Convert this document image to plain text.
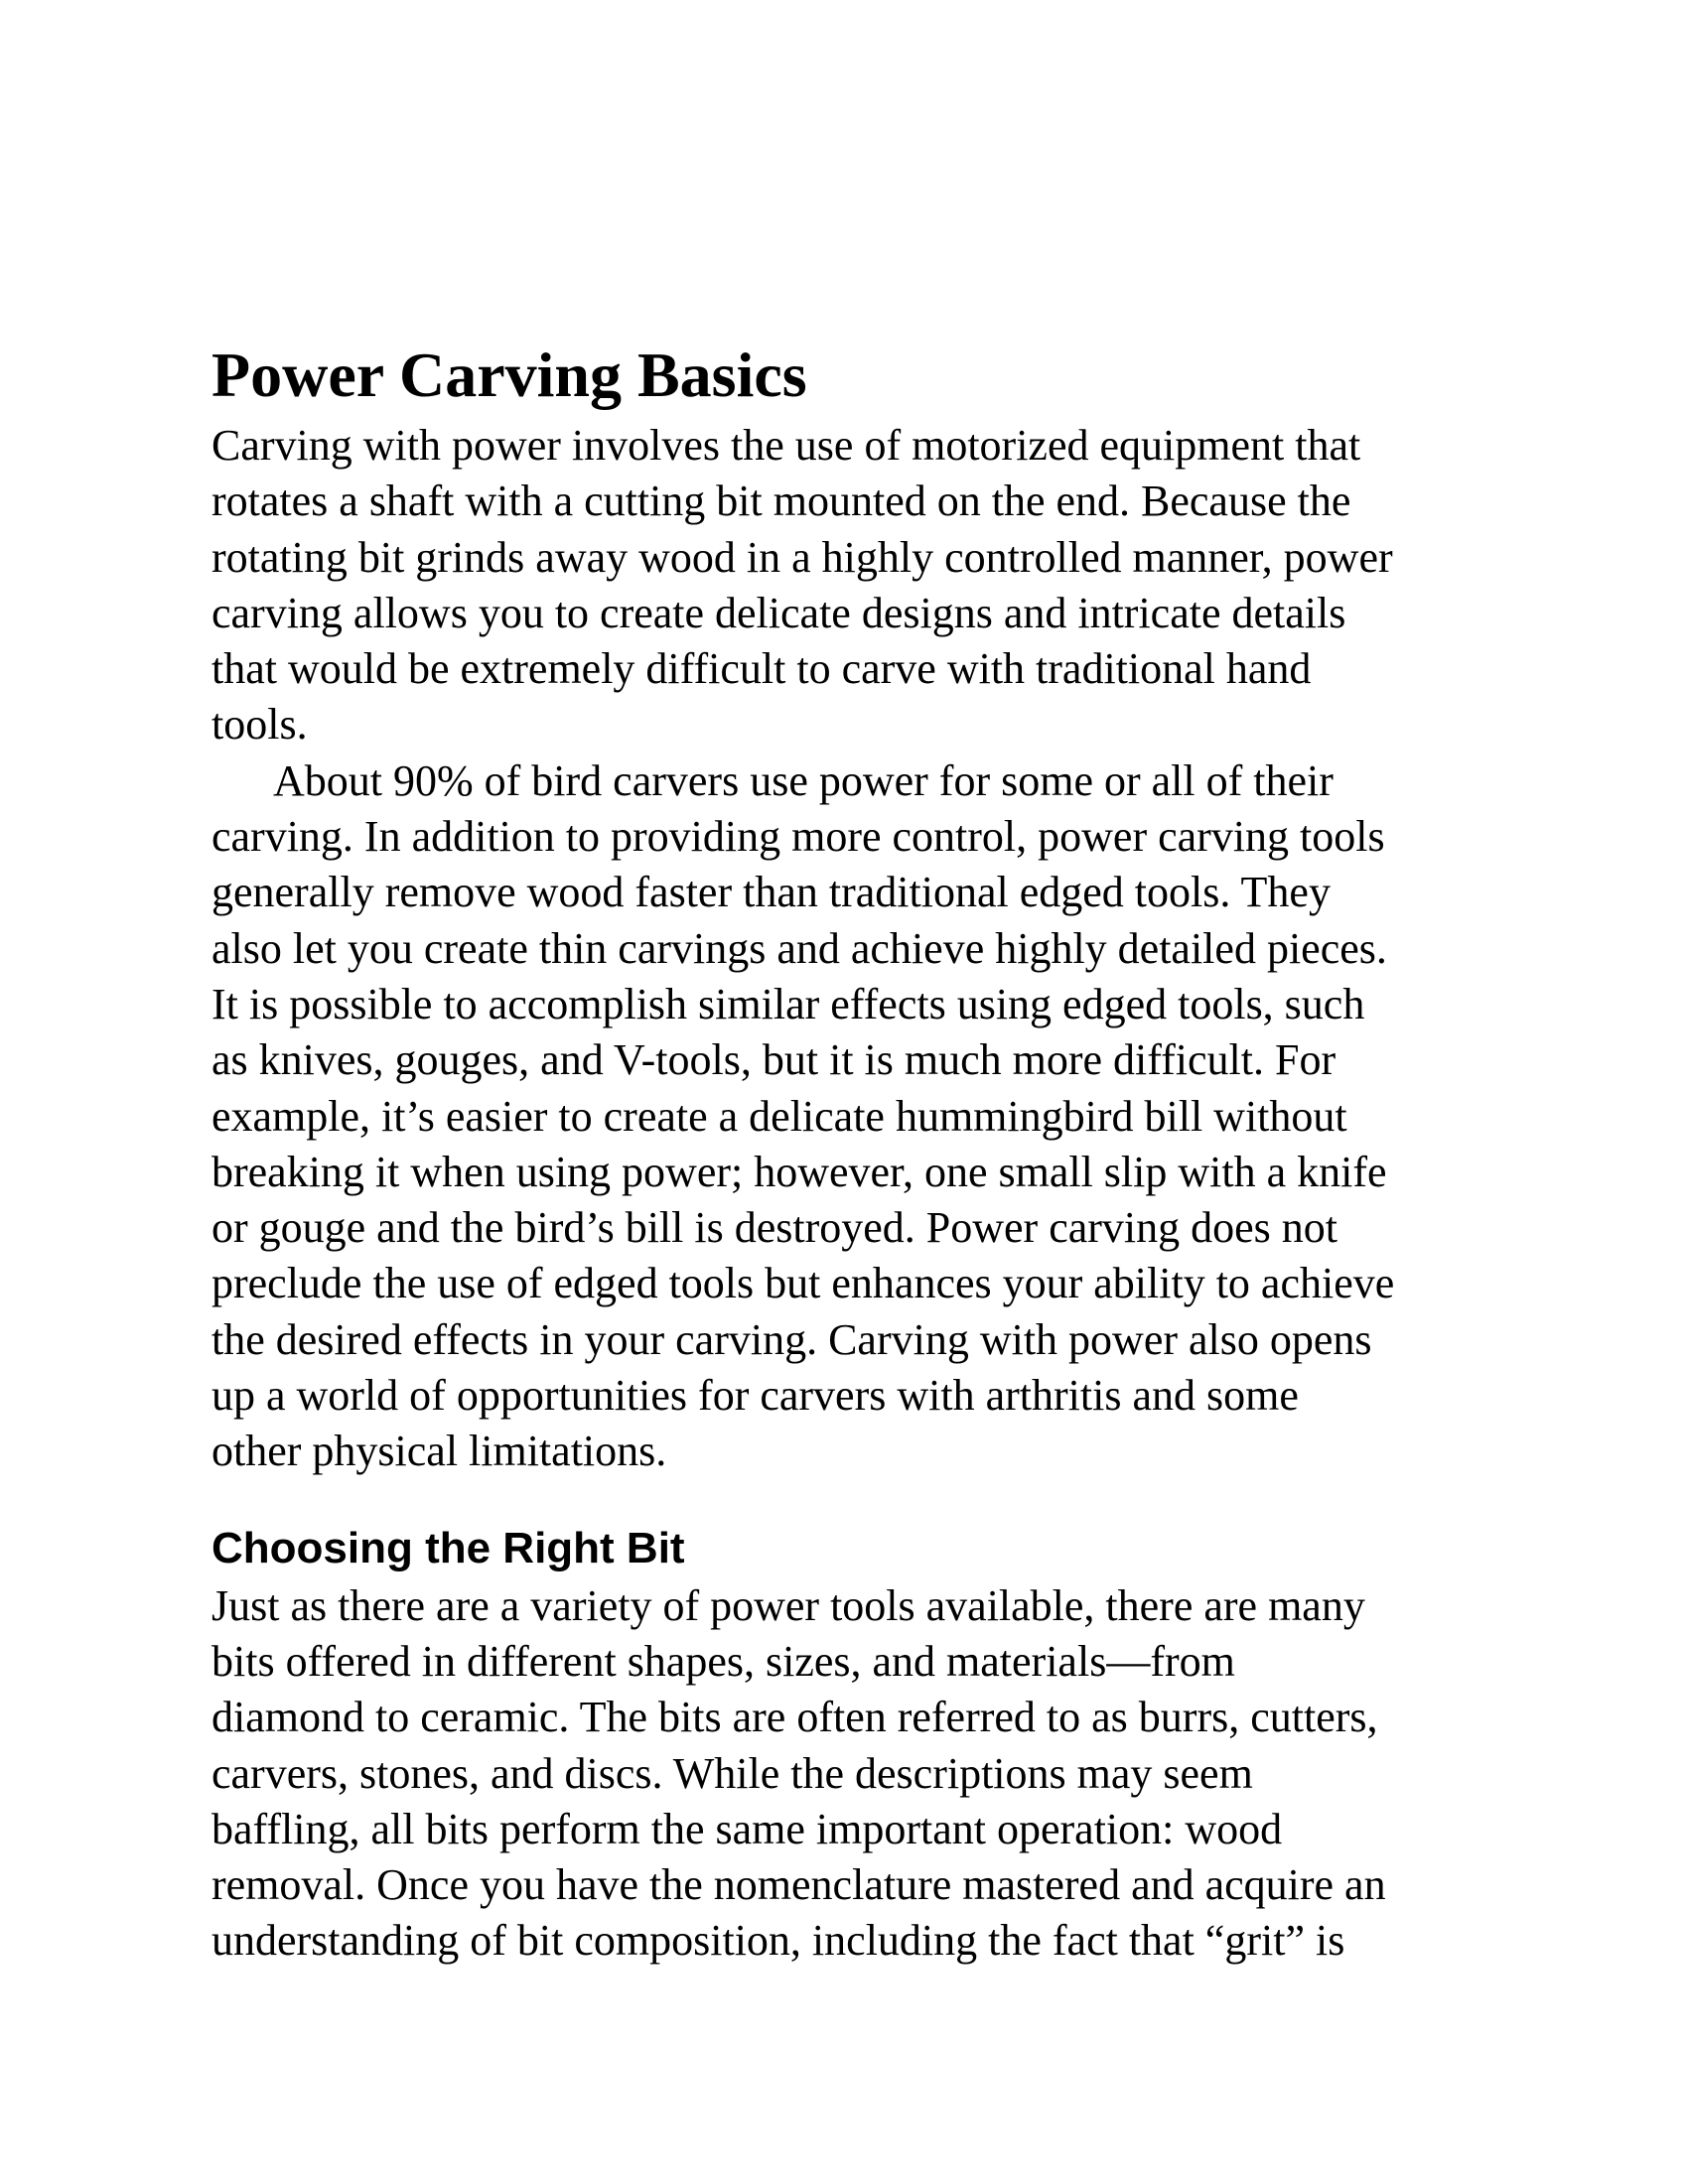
Power Carving Basics

Carving with power involves the use of motorized equipment that
rotates a shaft with a cutting bit mounted on the end. Because the
rotating bit grinds away wood in a highly controlled manner, power
carving allows you to create delicate designs and intricate details
that would be extremely difficult to carve with traditional hand
tools.

About 90% of bird carvers use power for some or all of their
carving. In addition to providing more control, power carving tools
generally remove wood faster than traditional edged tools. They
also let you create thin carvings and achieve highly detailed pieces.
It is possible to accomplish similar effects using edged tools, such
as knives, gouges, and V-tools, but it is much more difficult. For
example, it’s easier to create a delicate hummingbird bill without
breaking it when using power; however, one small slip with a knife
or gouge and the bird’s bill is destroyed. Power carving does not
preclude the use of edged tools but enhances your ability to achieve
the desired effects in your carving. Carving with power also opens
up a world of opportunities for carvers with arthritis and some
other physical limitations.

Choosing the Right Bit

Just as there are a variety of power tools available, there are many
bits offered in different shapes, sizes, and materials—from
diamond to ceramic. The bits are often referred to as burrs, cutters,
carvers, stones, and discs. While the descriptions may seem
baffling, all bits perform the same important operation: wood
removal. Once you have the nomenclature mastered and acquire an
understanding of bit composition, including the fact that “grit” is
